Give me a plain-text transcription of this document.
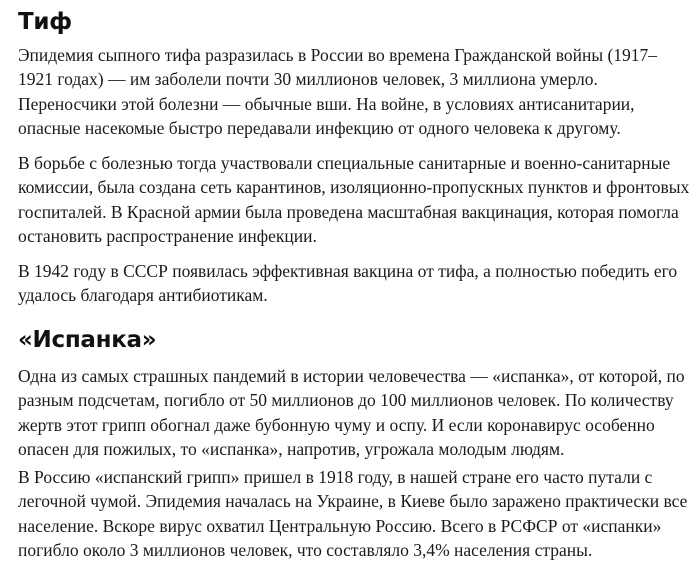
Тиф

Эпидемия сыпного тифа разразилась в России во времена Гражданской войны (1917–1921 годах) — им заболели почти 30 миллионов человек, 3 миллиона умерло. Переносчики этой болезни — обычные вши. На войне, в условиях антисанитарии, опасные насекомые быстро передавали инфекцию от одного человека к другому.

В борьбе с болезнью тогда участвовали специальные санитарные и военно-санитарные комиссии, была создана сеть карантинов, изоляционно-пропускных пунктов и фронтовых госпиталей. В Красной армии была проведена масштабная вакцинация, которая помогла остановить распространение инфекции.

В 1942 году в СССР появилась эффективная вакцина от тифа, а полностью победить его удалось благодаря антибиотикам.

«Испанка»

Одна из самых страшных пандемий в истории человечества — «испанка», от которой, по разным подсчетам, погибло от 50 миллионов до 100 миллионов человек. По количеству жертв этот грипп обогнал даже бубонную чуму и оспу. И если коронавирус особенно опасен для пожилых, то «испанка», напротив, угрожала молодым людям.

В Россию «испанский грипп» пришел в 1918 году, в нашей стране его часто путали с легочной чумой. Эпидемия началась на Украине, в Киеве было заражено практически все население. Вскоре вирус охватил Центральную Россию. Всего в РСФСР от «испанки» погибло около 3 миллионов человек, что составляло 3,4% населения страны.
